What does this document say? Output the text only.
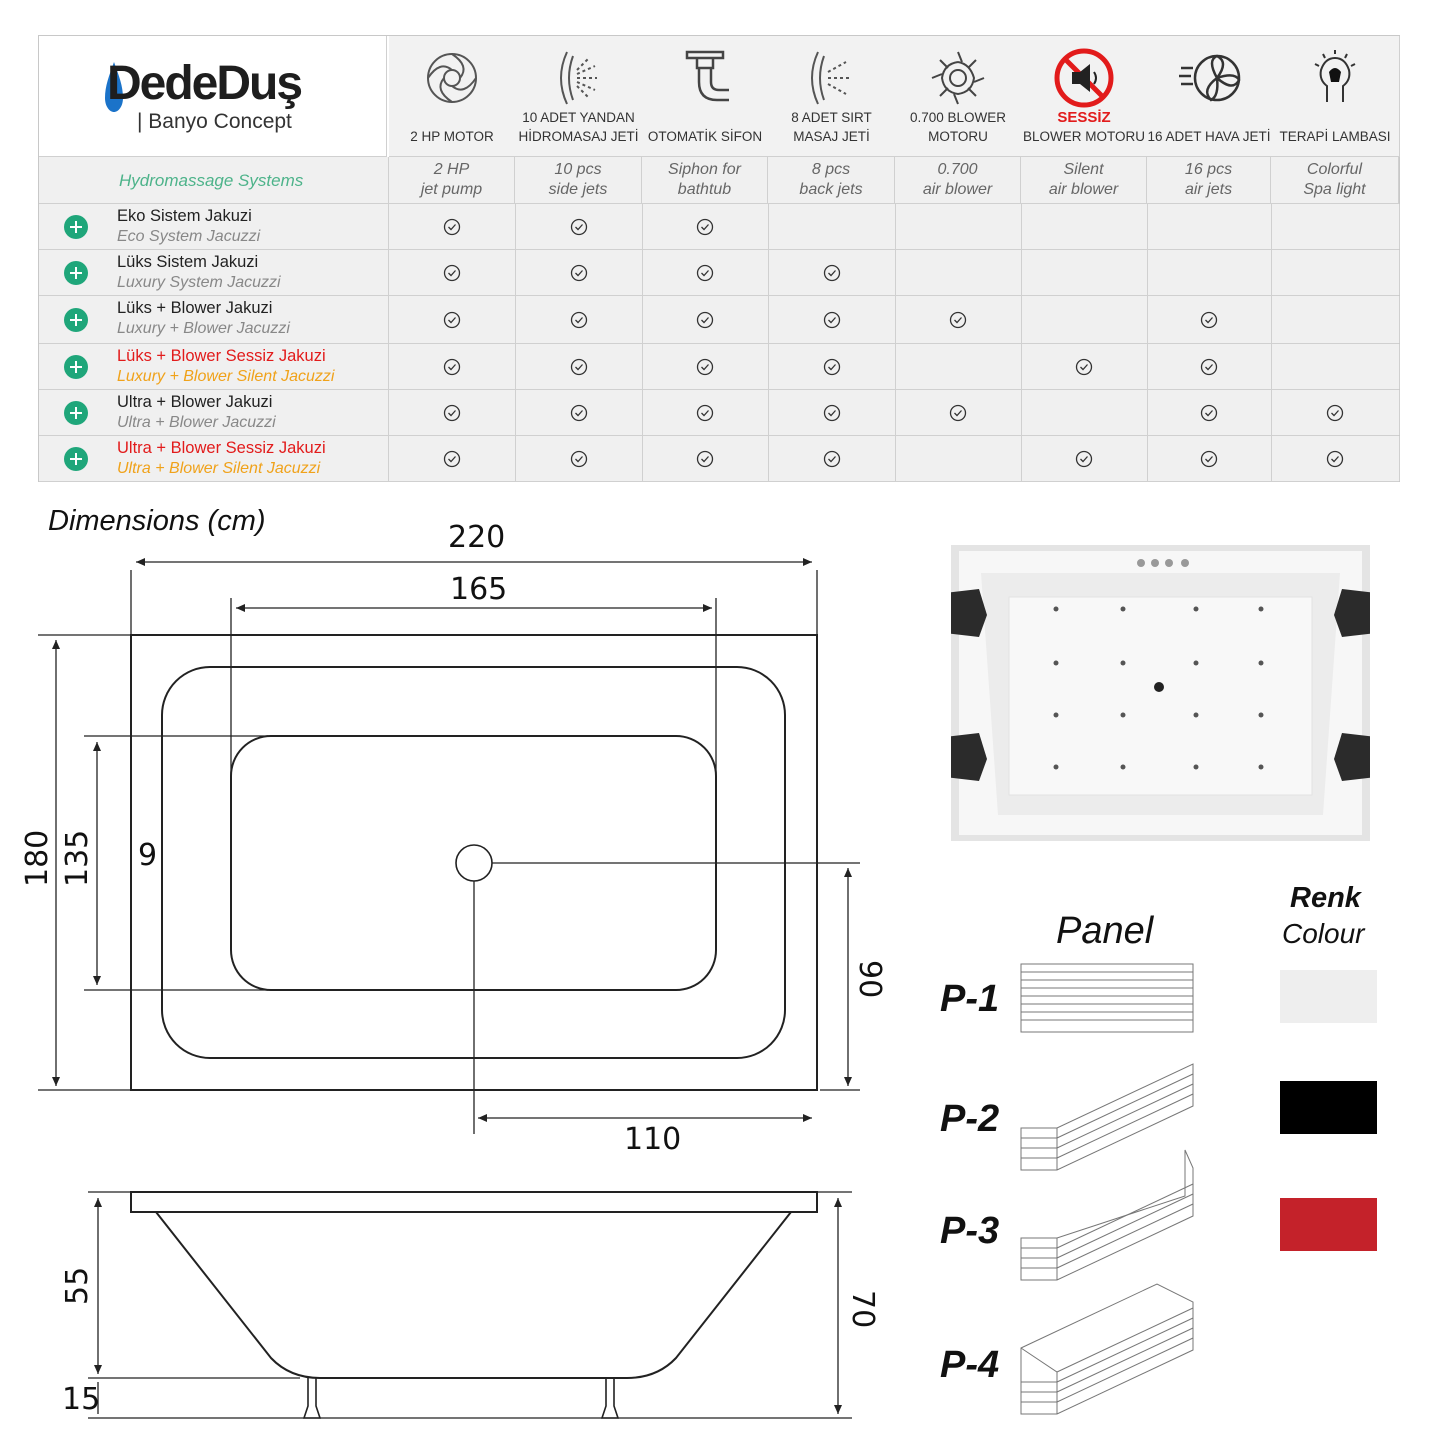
DedeDuş
| Banyo Concept
2 HP MOTOR
10 ADET YANDAN HİDROMASAJ JETİ OTOMATİK SİFON
8 ADET SIRT MASAJ JETİ
0.700 BLOWER MOTORU
SESSİZ
BLOWER MOTORU 16 ADET HAVA JETİ TERAPİ LAMBASI
Hydromassage Systems
2 HP
jet pump
10 pcs
side jets
Siphon for
bathtub
8 pcs
back jets
0.700
air blower
Silent
air blower
16 pcs
air jets
Colorful
Spa light
Eko Sistem Jakuzi
Eco System Jacuzzi
Lüks Sistem Jakuzi
Luxury System Jacuzzi
Lüks + Blower Jakuzi
Luxury + Blower Jacuzzi
Lüks + Blower Sessiz Jakuzi
Luxury + Blower Silent Jacuzzi
Ultra + Blower Jakuzi
Ultra + Blower Jacuzzi
Ultra + Blower Sessiz Jakuzi
Ultra + Blower Silent Jacuzzi
Dimensions (cm)	220
165
180 135 9
90
110
55
15
70
Panel
P-1
P-2
P-3
P-4
Renk
Colour
